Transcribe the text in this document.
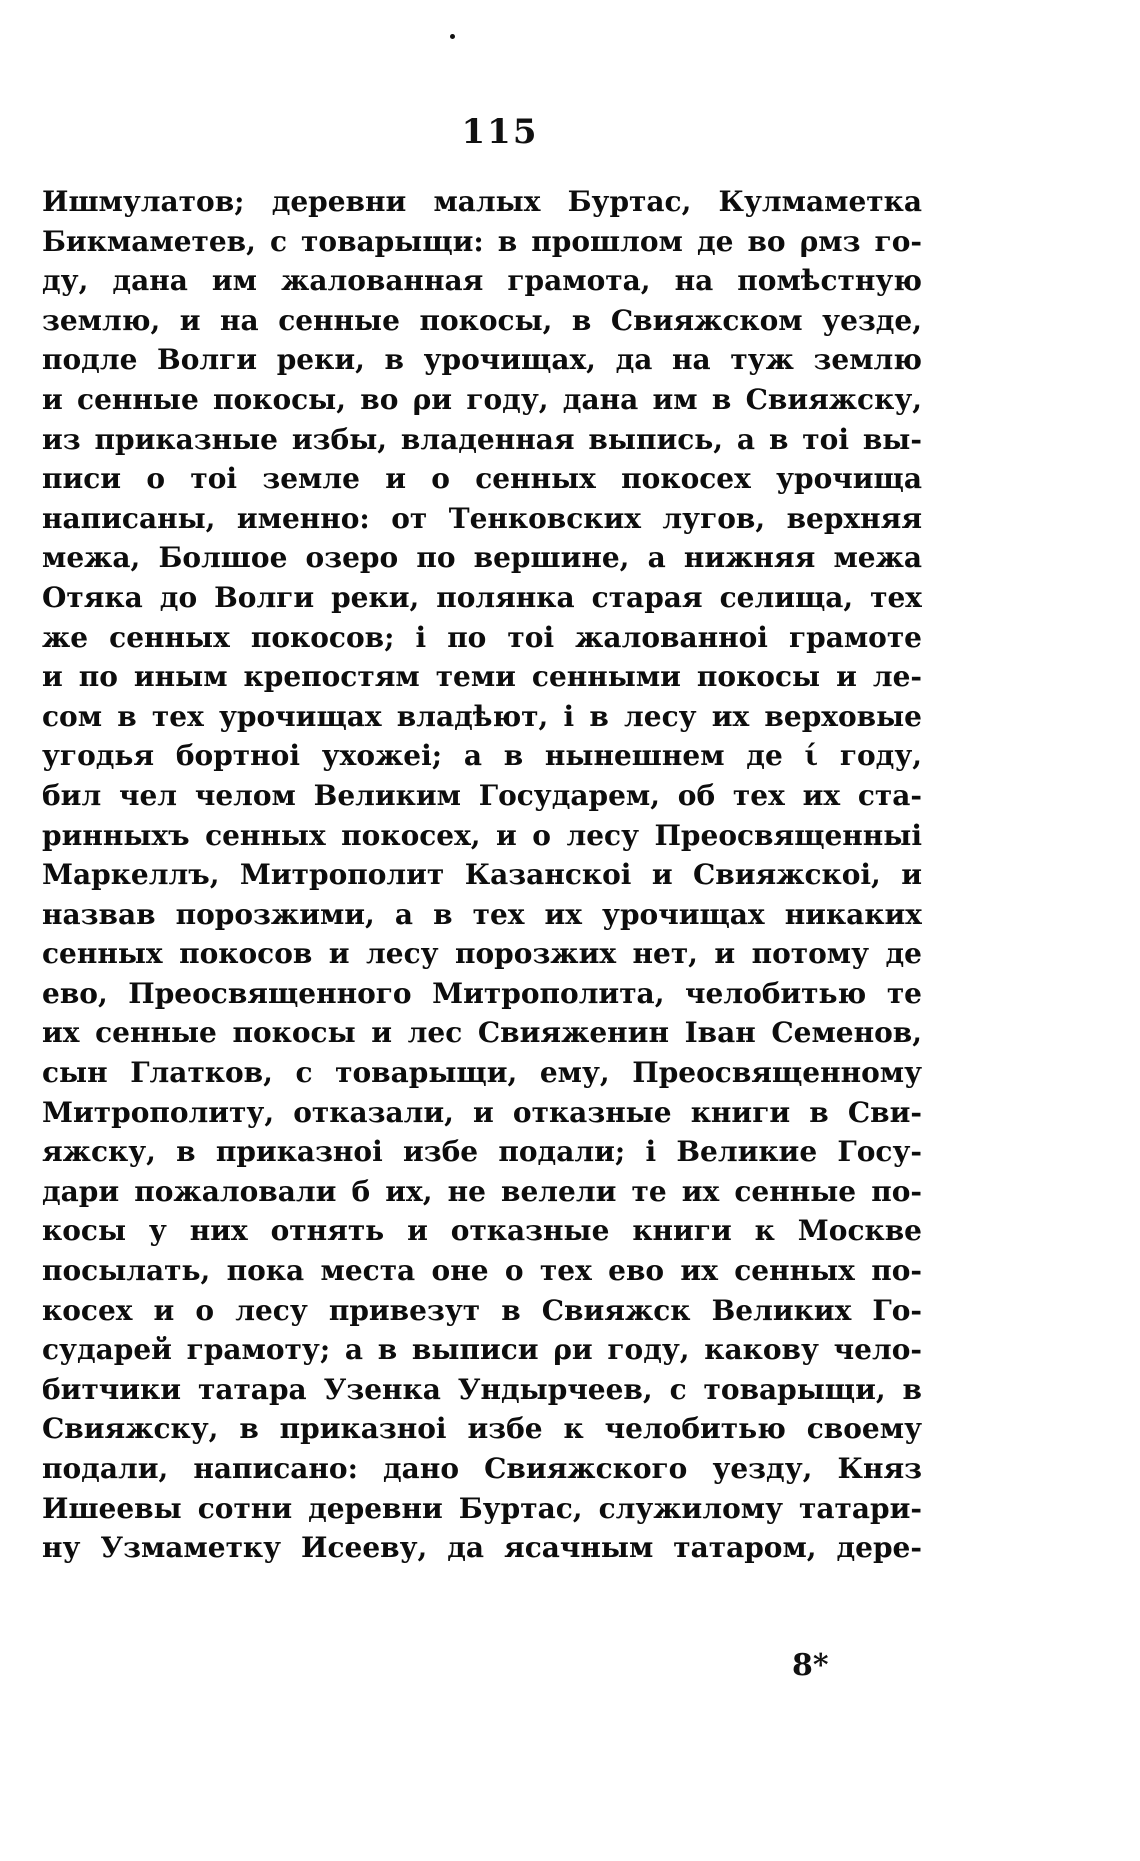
115
Ишмулатов; деревни малых Буртас, Кулмаметка
Бикмаметев, с товарыщи: в прошлом де во ρмз го-
ду, дана им жалованная грамота, на помѣстную
землю, и на сенные покосы, в Свияжском уезде,
подле Волги реки, в урочищах, да на туж землю
и сенные покосы, во ρи году, дана им в Свияжску,
из приказные избы, владенная выпись, а в тоі вы-
писи о тоі земле и о сенных покосех урочища
написаны, именно: от Тенковских лугов, верхняя
межа, Болшое озеро по вершине, а нижняя межа
Отяка до Волги реки, полянка старая селища, тех
же сенных покосов; і по тоі жалованноі грамоте
и по иным крепостям теми сенными покосы и ле-
сом в тех урочищах владѣют, і в лесу их верховые
угодья бортноі ухожеі; а в нынешнем де ί году,
бил чел челом Великим Государем, об тех их ста-
ринныхъ сенных покосех, и о лесу Преосвященныі
Маркеллъ, Митрополит Казанскоі и Свияжскоі, и
назвав порозжими, а в тех их урочищах никаких
сенных покосов и лесу порозжих нет, и потому де
ево, Преосвященного Митрополита, челобитью те
их сенные покосы и лес Свияженин Іван Семенов,
сын Глатков, с товарыщи, ему, Преосвященному
Митрополиту, отказали, и отказные книги в Сви-
яжску, в приказноі избе подали; і Великие Госу-
дари пожаловали б их, не велели те их сенные по-
косы у них отнять и отказные книги к Москве
посылать, пока места оне о тех ево их сенных по-
косех и о лесу привезут в Свияжск Великих Го-
сударей грамоту; а в выписи ρи году, какову чело-
битчики татара Узенка Ундырчеев, с товарыщи, в
Свияжску, в приказноі избе к челобитью своему
подали, написано: дано Свияжского уезду, Княз
Ишеевы сотни деревни Буртас, служилому татари-
ну Узмаметку Исееву, да ясачным татаром, дере-
8*
